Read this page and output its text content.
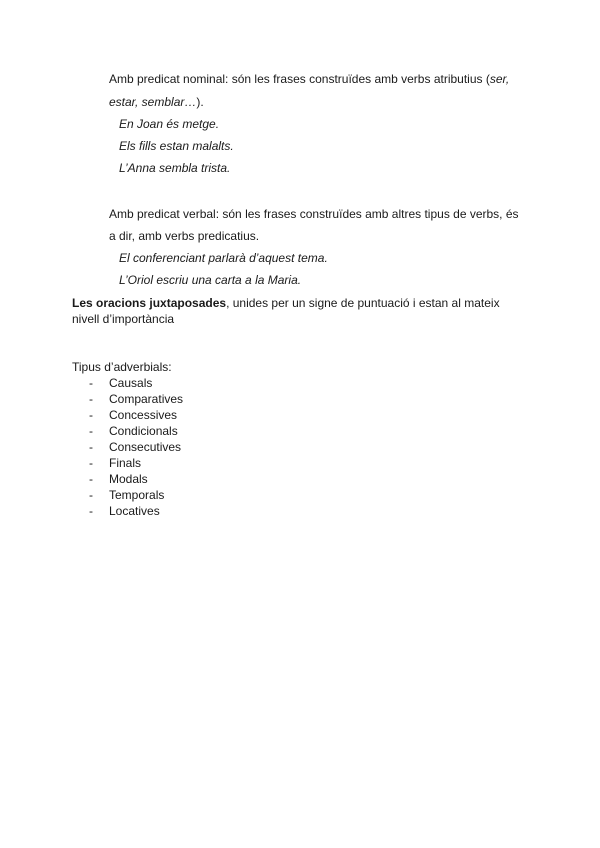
Amb predicat nominal: són les frases construïdes amb verbs atributius (ser,
estar, semblar…).
En Joan és metge.
Els fills estan malalts.
L’Anna sembla trista.
Amb predicat verbal: són les frases construïdes amb altres tipus de verbs, és
a dir, amb verbs predicatius.
El conferenciant parlarà d’aquest tema.
L’Oriol escriu una carta a la Maria.
Les oracions juxtaposades, unides per un signe de puntuació i estan al mateix
nivell d’importància
Tipus d’adverbials:
- Causals
- Comparatives
- Concessives
- Condicionals
- Consecutives
- Finals
- Modals
- Temporals
- Locatives
